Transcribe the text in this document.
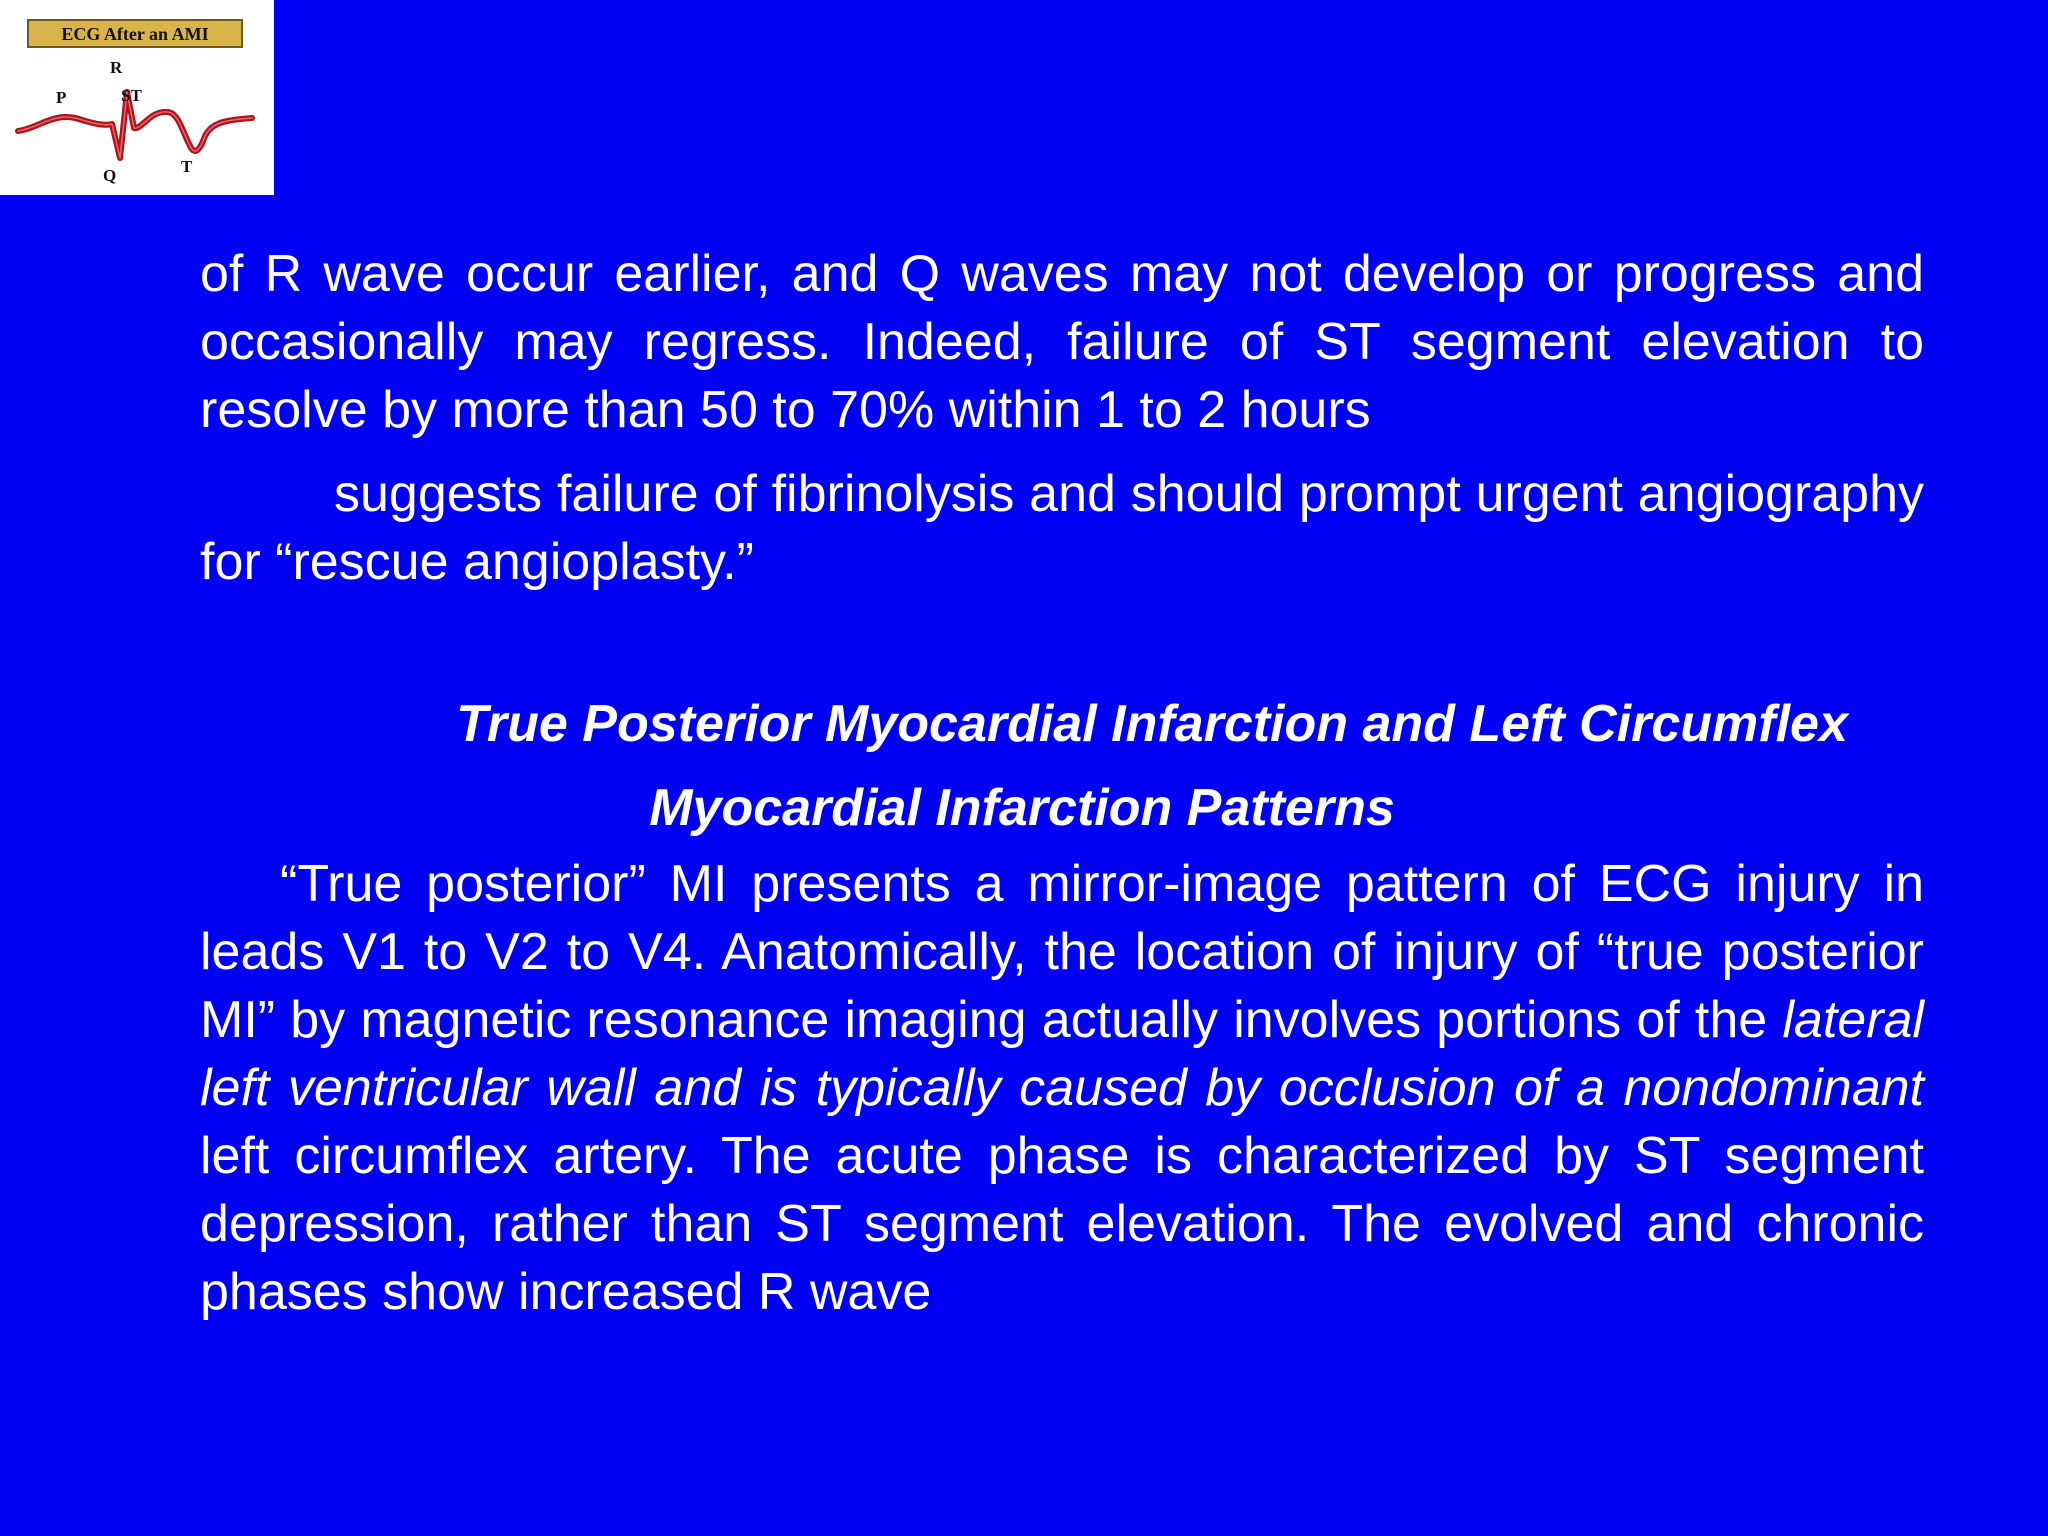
ECG After an AMI
P
R
ST
Q	T

of R wave occur earlier, and Q waves may not develop or progress and occasionally may regress. Indeed, failure of ST segment elevation to resolve by more than 50 to 70% within 1 to 2 hours

suggests failure of fibrinolysis and should prompt urgent angiography for “rescue angioplasty.”

True Posterior Myocardial Infarction and Left Circumflex

Myocardial Infarction Patterns

“True posterior” MI presents a mirror-image pattern of ECG injury in leads V1 to V2 to V4. Anatomically, the location of injury of “true posterior MI” by magnetic resonance imaging actually involves portions of the lateral left ventricular wall and is typically caused by occlusion of a nondominant left circumflex artery. The acute phase is characterized by ST segment depression, rather than ST segment elevation. The evolved and chronic phases show increased R wave
